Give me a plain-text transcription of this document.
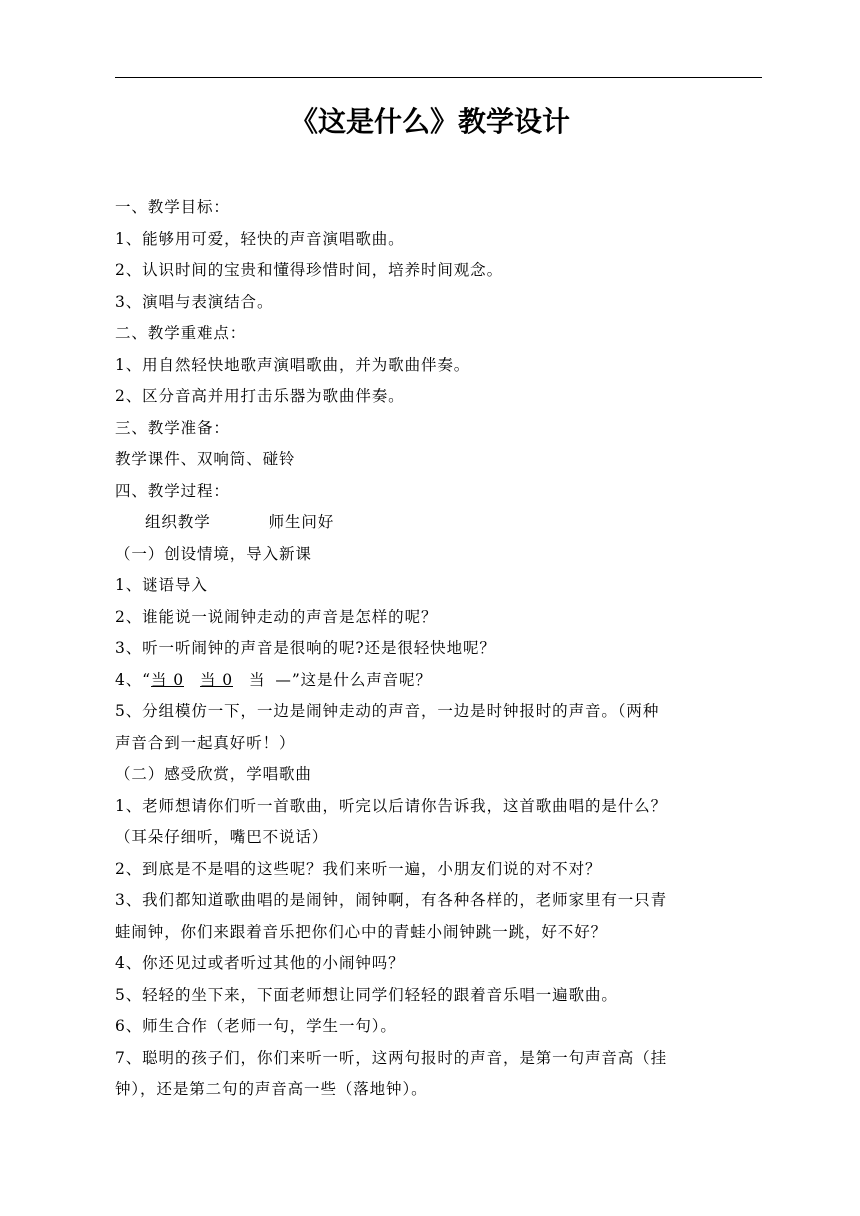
《这是什么》教学设计
一、教学目标：
1、能够用可爱，轻快的声音演唱歌曲。
2、认识时间的宝贵和懂得珍惜时间，培养时间观念。
3、演唱与表演结合。
二、教学重难点：
1、用自然轻快地歌声演唱歌曲，并为歌曲伴奏。
2、区分音高并用打击乐器为歌曲伴奏。
三、教学准备：
教学课件、双响筒、碰铃
四、教学过程：
组织教学	师生问好
（一）创设情境，导入新课
1、谜语导入
2、谁能说一说闹钟走动的声音是怎样的呢？
3、听一听闹钟的声音是很响的呢?还是很轻快地呢？
4、“当 0 当 0 当 —”这是什么声音呢？
5、分组模仿一下，一边是闹钟走动的声音，一边是时钟报时的声音。（两种
声音合到一起真好听！）
（二）感受欣赏，学唱歌曲
1、老师想请你们听一首歌曲，听完以后请你告诉我，这首歌曲唱的是什么？
（耳朵仔细听，嘴巴不说话）
2、到底是不是唱的这些呢？我们来听一遍，小朋友们说的对不对？
3、我们都知道歌曲唱的是闹钟，闹钟啊，有各种各样的，老师家里有一只青
蛙闹钟，你们来跟着音乐把你们心中的青蛙小闹钟跳一跳，好不好？
4、你还见过或者听过其他的小闹钟吗？
5、轻轻的坐下来，下面老师想让同学们轻轻的跟着音乐唱一遍歌曲。
6、师生合作（老师一句，学生一句）。
7、聪明的孩子们，你们来听一听，这两句报时的声音，是第一句声音高（挂
钟），还是第二句的声音高一些（落地钟）。
